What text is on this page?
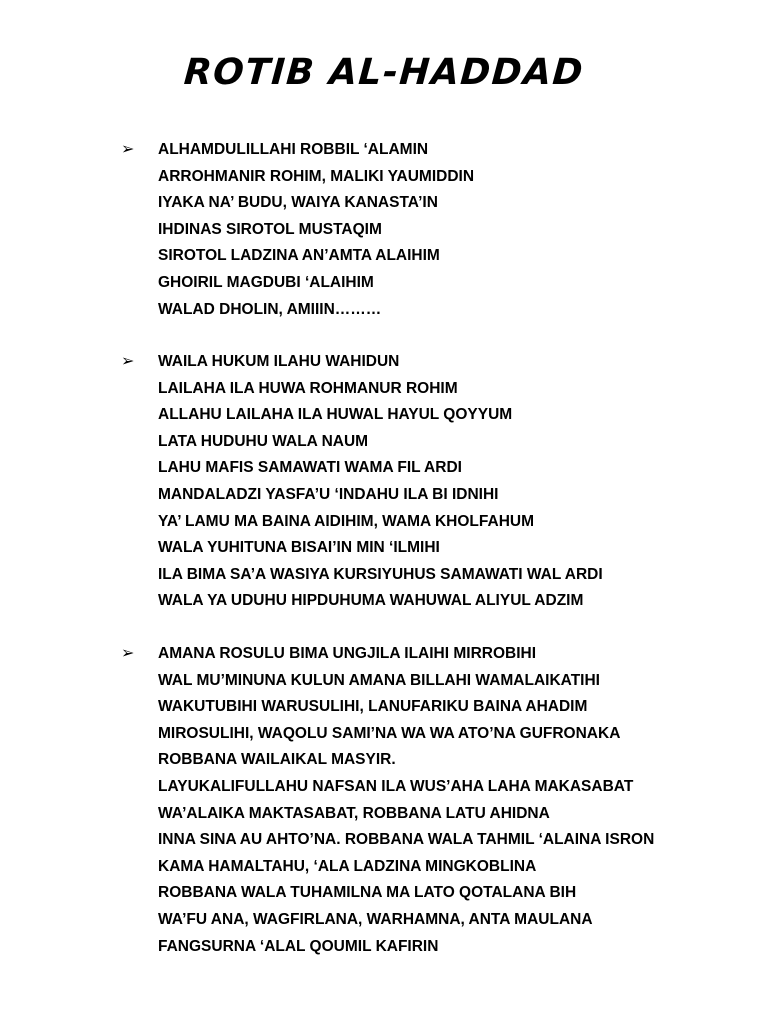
ROTIB AL-HADDAD
➢ ALHAMDULILLAHI ROBBIL ‘ALAMIN
ARROHMANIR ROHIM, MALIKI YAUMIDDIN
IYAKA NA’ BUDU, WAIYA KANASTA’IN
IHDINAS SIROTOL MUSTAQIM
SIROTOL LADZINA AN’AMTA ALAIHIM
GHOIRIL MAGDUBI ‘ALAIHIM
WALAD DHOLIN, AMIIIN………
➢ WAILA HUKUM ILAHU WAHIDUN
LAILAHA ILA HUWA ROHMANUR ROHIM
ALLAHU LAILAHA ILA HUWAL HAYUL QOYYUM
LATA HUDUHU WALA NAUM
LAHU MAFIS SAMAWATI WAMA FIL ARDI
MANDALADZI YASFA’U ‘INDAHU ILA BI IDNIHI
YA’ LAMU MA BAINA AIDIHIM, WAMA KHOLFAHUM
WALA YUHITUNA BISAI’IN MIN ‘ILMIHI
ILA BIMA SA’A WASIYA KURSIYUHUS SAMAWATI WAL ARDI
WALA YA UDUHU HIPDUHUMA WAHUWAL ALIYUL ADZIM
➢ AMANA ROSULU BIMA UNGJILA ILAIHI MIRROBIHI
WAL MU’MINUNA KULUN AMANA BILLAHI WAMALAIKATIHI
WAKUTUBIHI WARUSULIHI, LANUFARIKU BAINA AHADIM
MIROSULIHI, WAQOLU SAMI’NA WA WA ATO’NA GUFRONAKA
ROBBANA WAILAIKAL MASYIR.
LAYUKALIFULLAHU NAFSAN ILA WUS’AHA LAHA MAKASABAT
WA’ALAIKA MAKTASABAT, ROBBANA LATU AHIDNA
INNA SINA AU AHTO’NA. ROBBANA WALA TAHMIL ‘ALAINA ISRON
KAMA HAMALTAHU, ‘ALA LADZINA MINGKOBLINA
ROBBANA WALA TUHAMILNA MA LATO QOTALANA BIH
WA’FU ANA, WAGFIRLANA, WARHAMNA, ANTA MAULANA
FANGSURNA ‘ALAL QOUMIL KAFIRIN
